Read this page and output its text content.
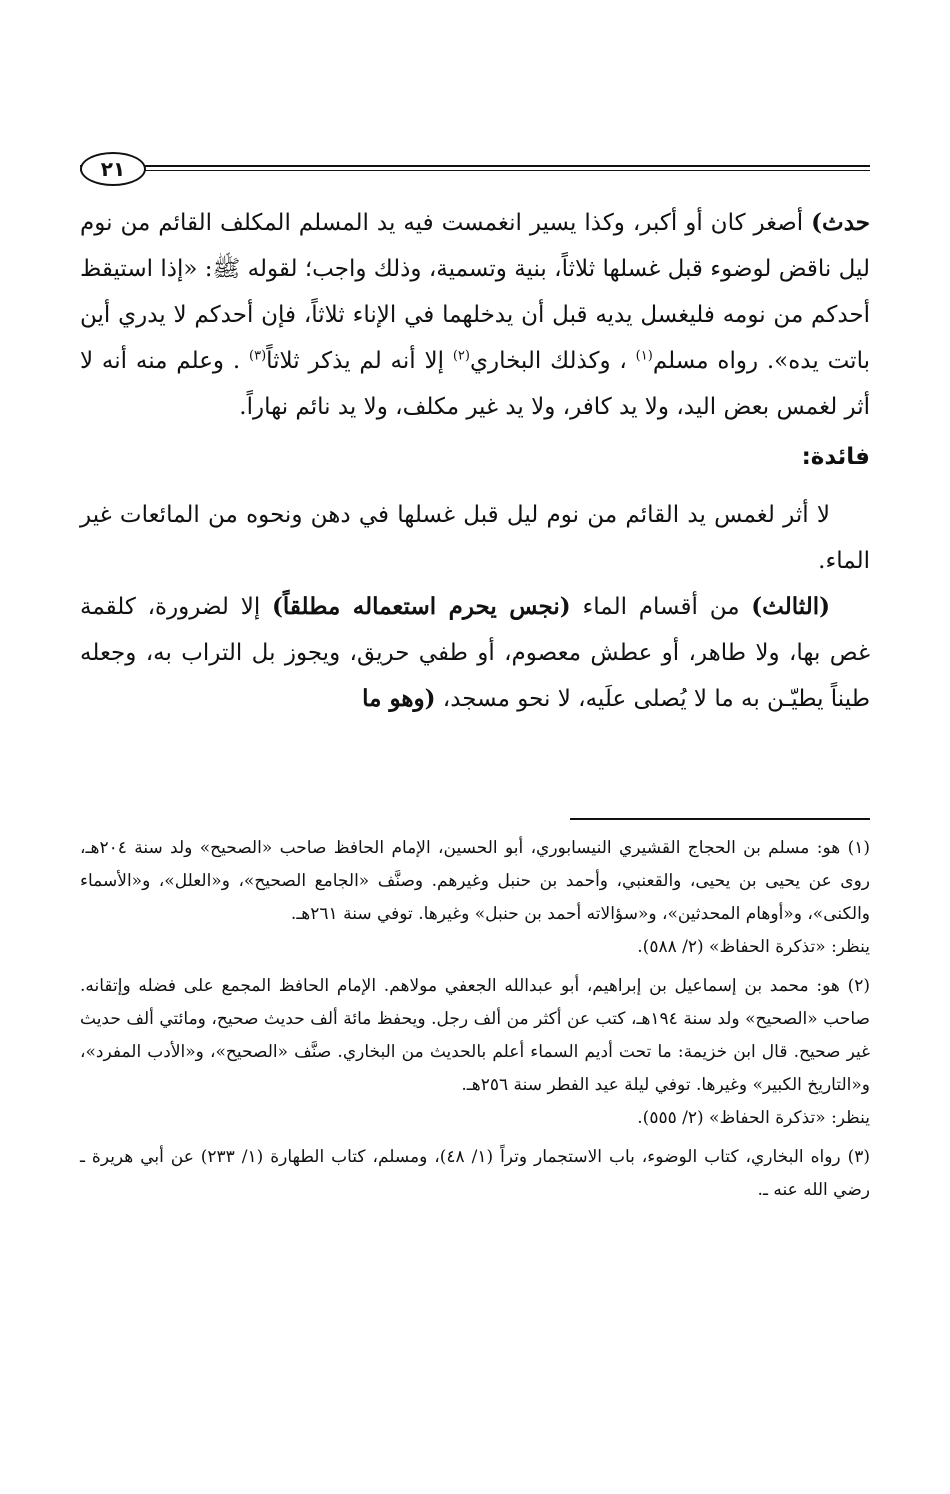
٢١

حدث) أصغر كان أو أكبر، وكذا يسير انغمست فيه يد المسلم المكلف القائم من نوم ليل ناقض لوضوء قبل غسلها ثلاثاً، بنية وتسمية، وذلك واجب؛ لقوله ﷺ: «إذا استيقظ أحدكم من نومه فليغسل يديه قبل أن يدخلهما في الإناء ثلاثاً، فإن أحدكم لا يدري أين باتت يده». رواه مسلم$^{(١)}$ ، وكذلك البخاري$^{(٢)}$ إلا أنه لم يذكر ثلاثاً$^{(٣)}$ . وعلم منه أنه لا أثر لغمس بعض اليد، ولا يد كافر، ولا يد غير مكلف، ولا يد نائم نهاراً.

فائدة:

لا أثر لغمس يد القائم من نوم ليل قبل غسلها في دهن ونحوه من المائعات غير الماء.

(الثالث) من أقسام الماء (نجس يحرم استعماله مطلقاً) إلا لضرورة، كلقمة غص بها، ولا طاهر، أو عطش معصوم، أو طفي حريق، ويجوز بل التراب به، وجعله طيناً يطيّـن به ما لا يُصلى علَيه، لا نحو مسجد، (وهو ما

(١) هو: مسلم بن الحجاج القشيري النيسابوري، أبو الحسين، الإمام الحافظ صاحب «الصحيح» ولد سنة ٢٠٤هـ، روى عن يحيى بن يحيى، والقعنبي، وأحمد بن حنبل وغيرهم. وصنَّف «الجامع الصحيح»، و«العلل»، و«الأسماء والكنى»، و«أوهام المحدثين»، و«سؤالاته أحمد بن حنبل» وغيرها. توفي سنة ٢٦١هـ.

ينظر: «تذكرة الحفاظ» (٢/ ٥٨٨).

(٢) هو: محمد بن إسماعيل بن إبراهيم، أبو عبدالله الجعفي مولاهم. الإمام الحافظ المجمع على فضله وإتقانه. صاحب «الصحيح» ولد سنة ١٩٤هـ، كتب عن أكثر من ألف رجل. ويحفظ مائة ألف حديث صحيح، ومائتي ألف حديث غير صحيح. قال ابن خزيمة: ما تحت أديم السماء أعلم بالحديث من البخاري. صنَّف «الصحيح»، و«الأدب المفرد»، و«التاريخ الكبير» وغيرها. توفي ليلة عيد الفطر سنة ٢٥٦هـ.

ينظر: «تذكرة الحفاظ» (٢/ ٥٥٥).

(٣) رواه البخاري، كتاب الوضوء، باب الاستجمار وتراً (١/ ٤٨)، ومسلم، كتاب الطهارة (١/ ٢٣٣) عن أبي هريرة ـ رضي الله عنه ـ.
